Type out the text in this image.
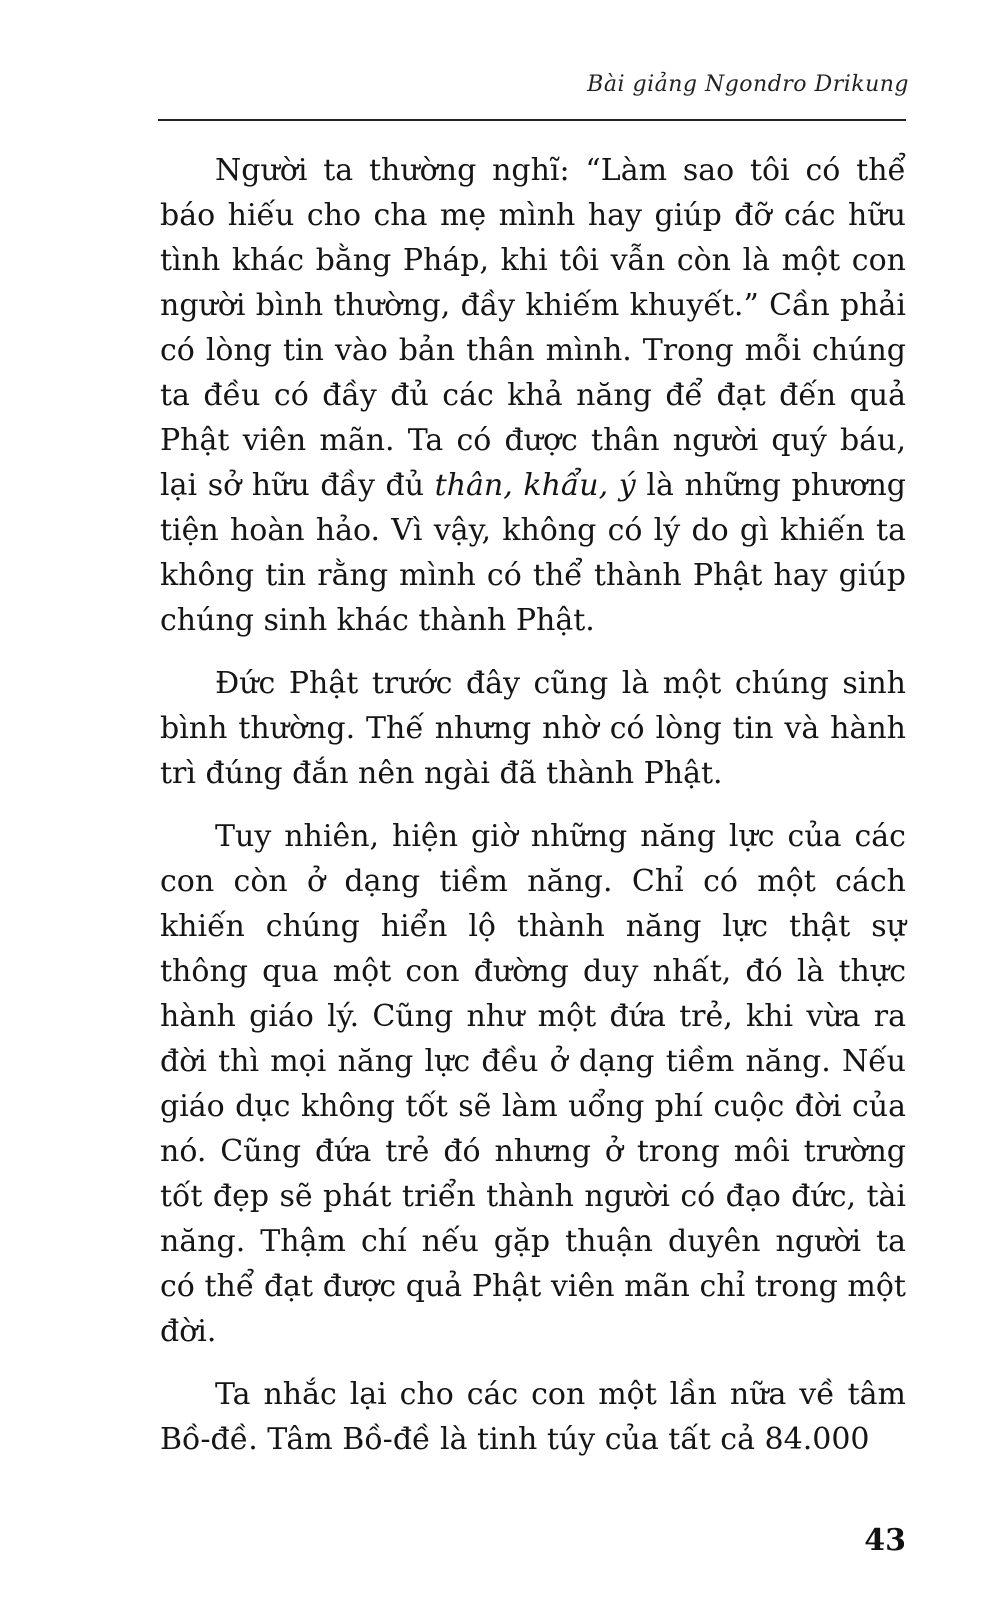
Bài giảng Ngondro Drikung

Người ta thường nghĩ: “Làm sao tôi có thể báo hiếu cho cha mẹ mình hay giúp đỡ các hữu tình khác bằng Pháp, khi tôi vẫn còn là một con người bình thường, đầy khiếm khuyết.” Cần phải có lòng tin vào bản thân mình. Trong mỗi chúng ta đều có đầy đủ các khả năng để đạt đến quả Phật viên mãn. Ta có được thân người quý báu, lại sở hữu đầy đủ thân, khẩu, ý là những phương tiện hoàn hảo. Vì vậy, không có lý do gì khiến ta không tin rằng mình có thể thành Phật hay giúp chúng sinh khác thành Phật.

Đức Phật trước đây cũng là một chúng sinh bình thường. Thế nhưng nhờ có lòng tin và hành trì đúng đắn nên ngài đã thành Phật.

Tuy nhiên, hiện giờ những năng lực của các con còn ở dạng tiềm năng. Chỉ có một cách khiến chúng hiển lộ thành năng lực thật sự thông qua một con đường duy nhất, đó là thực hành giáo lý. Cũng như một đứa trẻ, khi vừa ra đời thì mọi năng lực đều ở dạng tiềm năng. Nếu giáo dục không tốt sẽ làm uổng phí cuộc đời của nó. Cũng đứa trẻ đó nhưng ở trong môi trường tốt đẹp sẽ phát triển thành người có đạo đức, tài năng. Thậm chí nếu gặp thuận duyên người ta có thể đạt được quả Phật viên mãn chỉ trong một đời.

Ta nhắc lại cho các con một lần nữa về tâm Bồ-đề. Tâm Bồ-đề là tinh túy của tất cả 84.000

43
